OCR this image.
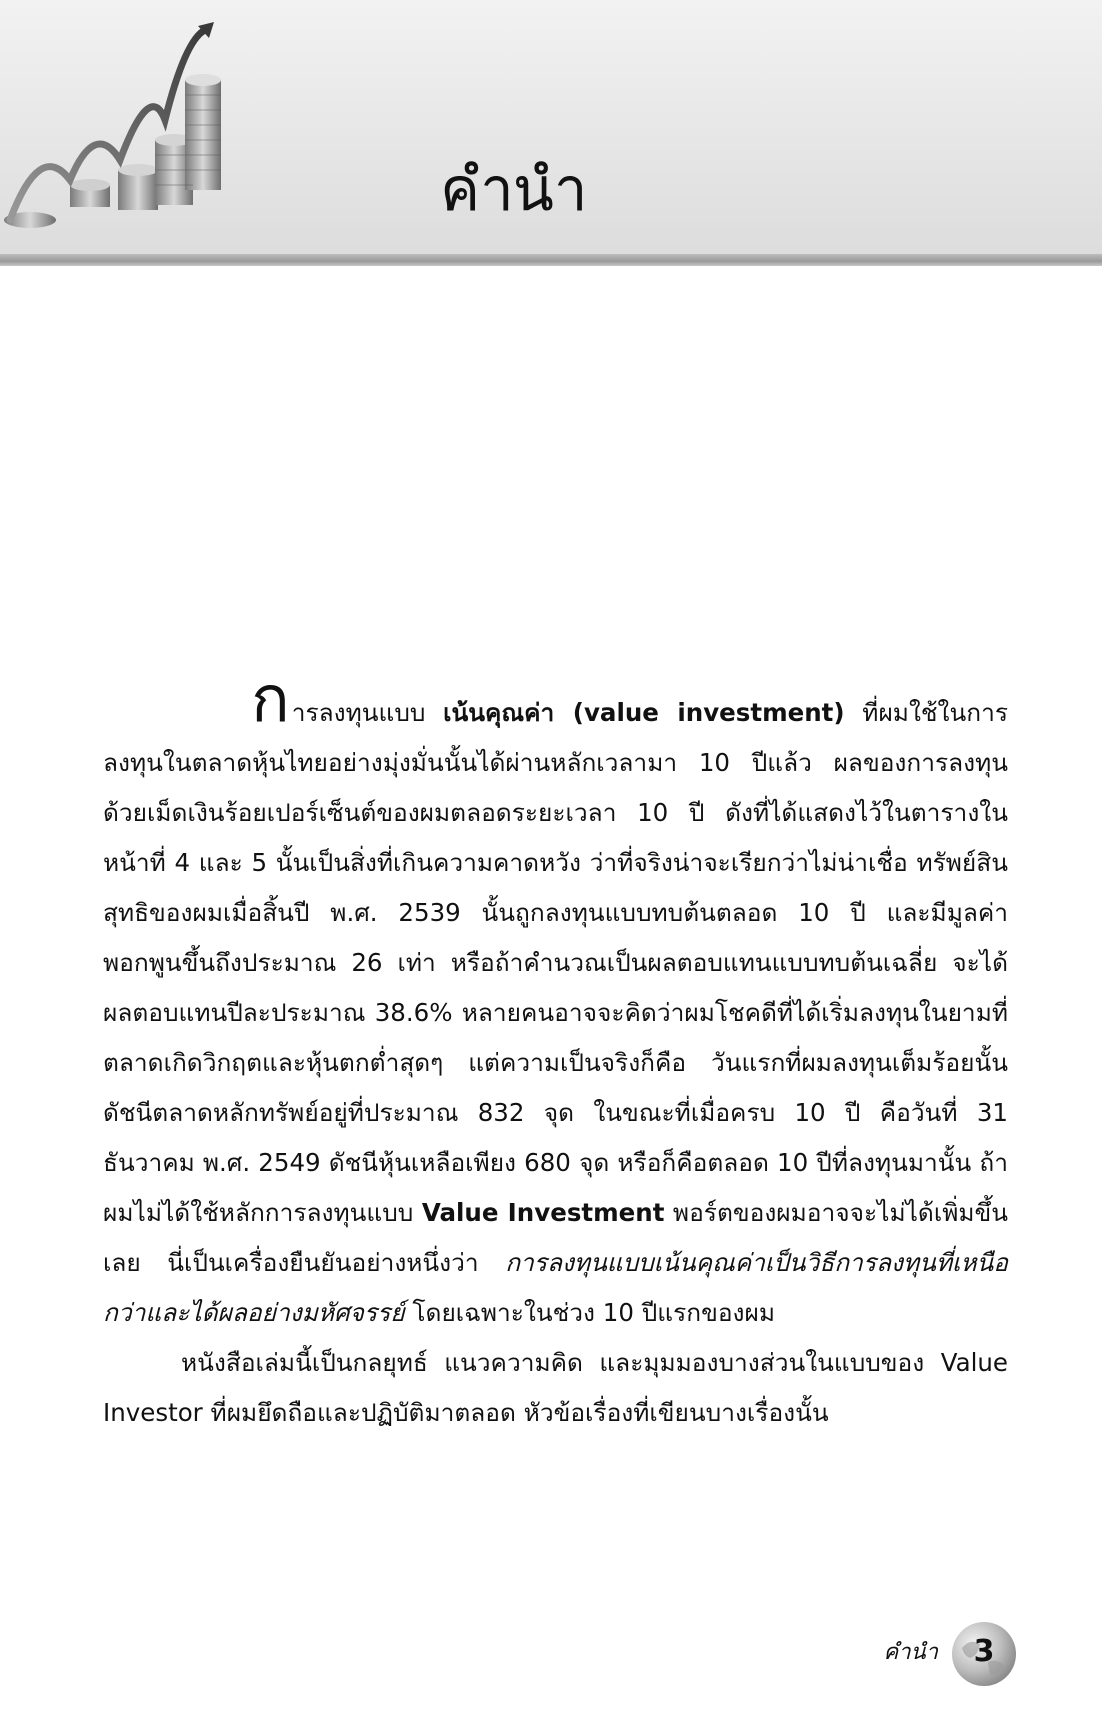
คำนำ

การลงทุนแบบ เน้นคุณค่า (value investment) ที่ผมใช้ในการลงทุนในตลาดหุ้นไทยอย่างมุ่งมั่นนั้นได้ผ่านหลักเวลามา 10 ปีแล้ว ผลของการลงทุนด้วยเม็ดเงินร้อยเปอร์เซ็นต์ของผมตลอดระยะเวลา 10 ปี ดังที่ได้แสดงไว้ในตารางในหน้าที่ 4 และ 5 นั้นเป็นสิ่งที่เกินความคาดหวัง ว่าที่จริงน่าจะเรียกว่าไม่น่าเชื่อ ทรัพย์สินสุทธิของผมเมื่อสิ้นปี พ.ศ. 2539 นั้นถูกลงทุนแบบทบต้นตลอด 10 ปี และมีมูลค่าพอกพูนขึ้นถึงประมาณ 26 เท่า หรือถ้าคำนวณเป็นผลตอบแทนแบบทบต้นเฉลี่ย จะได้ผลตอบแทนปีละประมาณ 38.6% หลายคนอาจจะคิดว่าผมโชคดีที่ได้เริ่มลงทุนในยามที่ตลาดเกิดวิกฤตและหุ้นตกต่ำสุดๆ แต่ความเป็นจริงก็คือ วันแรกที่ผมลงทุนเต็มร้อยนั้น ดัชนีตลาดหลักทรัพย์อยู่ที่ประมาณ 832 จุด ในขณะที่เมื่อครบ 10 ปี คือวันที่ 31 ธันวาคม พ.ศ. 2549 ดัชนีหุ้นเหลือเพียง 680 จุด หรือก็คือตลอด 10 ปีที่ลงทุนมานั้น ถ้าผมไม่ได้ใช้หลักการลงทุนแบบ Value Investment พอร์ตของผมอาจจะไม่ได้เพิ่มขึ้นเลย นี่เป็นเครื่องยืนยันอย่างหนึ่งว่า การลงทุนแบบเน้นคุณค่าเป็นวิธีการลงทุนที่เหนือกว่าและได้ผลอย่างมหัศจรรย์ โดยเฉพาะในช่วง 10 ปีแรกของผม

หนังสือเล่มนี้เป็นกลยุทธ์ แนวความคิด และมุมมองบางส่วนในแบบของ Value Investor ที่ผมยึดถือและปฏิบัติมาตลอด หัวข้อเรื่องที่เขียนบางเรื่องนั้น

คำนำ	3
